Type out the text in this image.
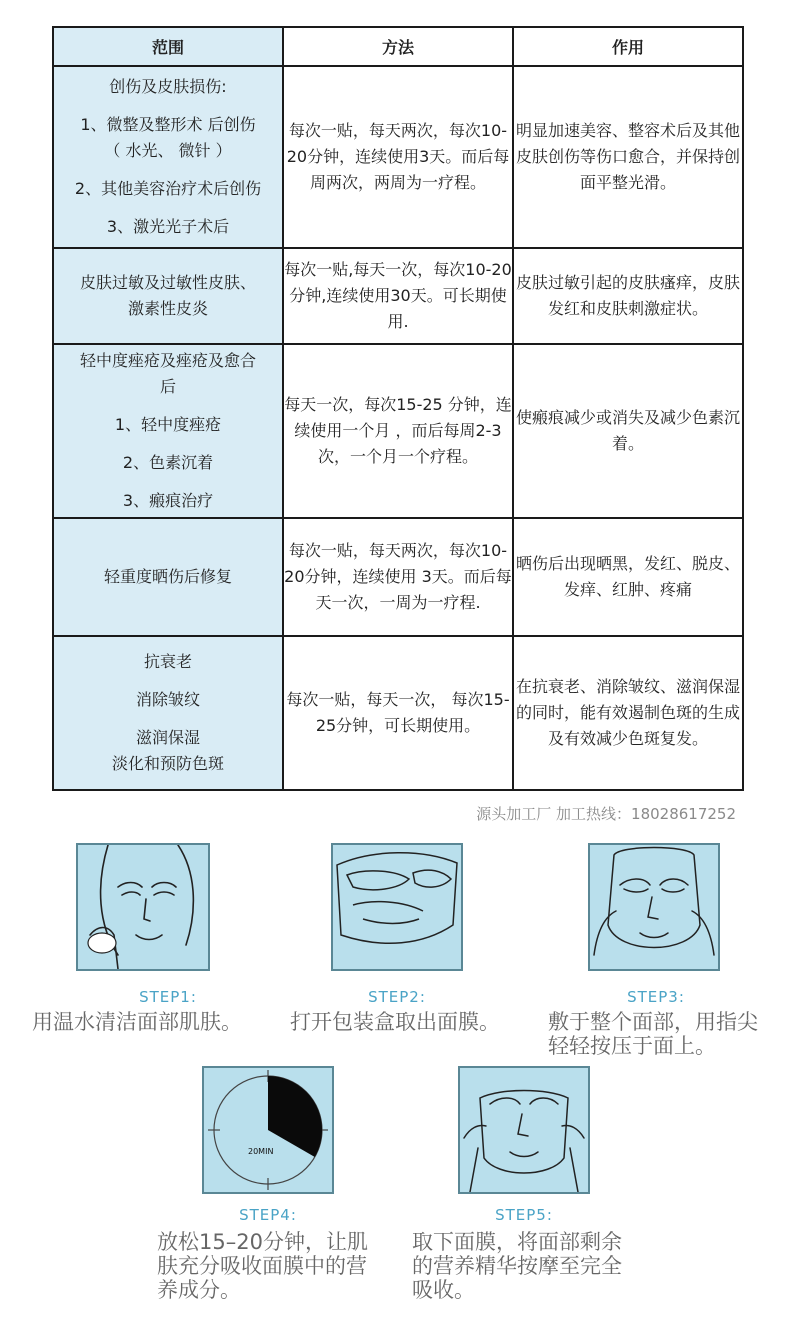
范围	方法	作用

创伤及皮肤损伤:
1、微整及整形术 后创伤
（ 水光、 微针 ）
2、其他美容治疗术后创伤
3、激光光子术后	每次一贴，每天两次，每次10-20分钟，连续使用3天。而后每周两次，两周为一疗程。	明显加速美容、整容术后及其他皮肤创伤等伤口愈合，并保持创面平整光滑。

皮肤过敏及过敏性皮肤、
激素性皮炎	每次一贴,每天一次，每次10-20分钟,连续使用30天。可长期使用.	皮肤过敏引起的皮肤瘙痒，皮肤发红和皮肤刺激症状。

轻中度痤疮及痤疮及愈合后
1、轻中度痤疮
2、色素沉着
3、瘢痕治疗	每天一次，每次15-25 分钟，连续使用一个月 ，而后每周2-3次，一个月一个疗程。	使瘢痕减少或消失及减少色素沉着。

轻重度晒伤后修复	每次一贴，每天两次，每次10-20分钟，连续使用 3天。而后每天一次，一周为一疗程.	晒伤后出现晒黑，发红、脱皮、发痒、红肿、疼痛

抗衰老
消除皱纹
滋润保湿
淡化和预防色斑	每次一贴，每天一次， 每次15-25分钟，可长期使用。	在抗衰老、消除皱纹、滋润保湿的同时，能有效遏制色斑的生成及有效减少色斑复发。
源头加工厂 加工热线：18028617252
STEP1:
用温水清洁面部肌肤。
STEP2:
打开包装盒取出面膜。
STEP3:
敷于整个面部，用指尖轻轻按压于面上。
20MIN
STEP4:
放松15–20分钟，让肌肤充分吸收面膜中的营养成分。
STEP5:
取下面膜，将面部剩余的营养精华按摩至完全吸收。
